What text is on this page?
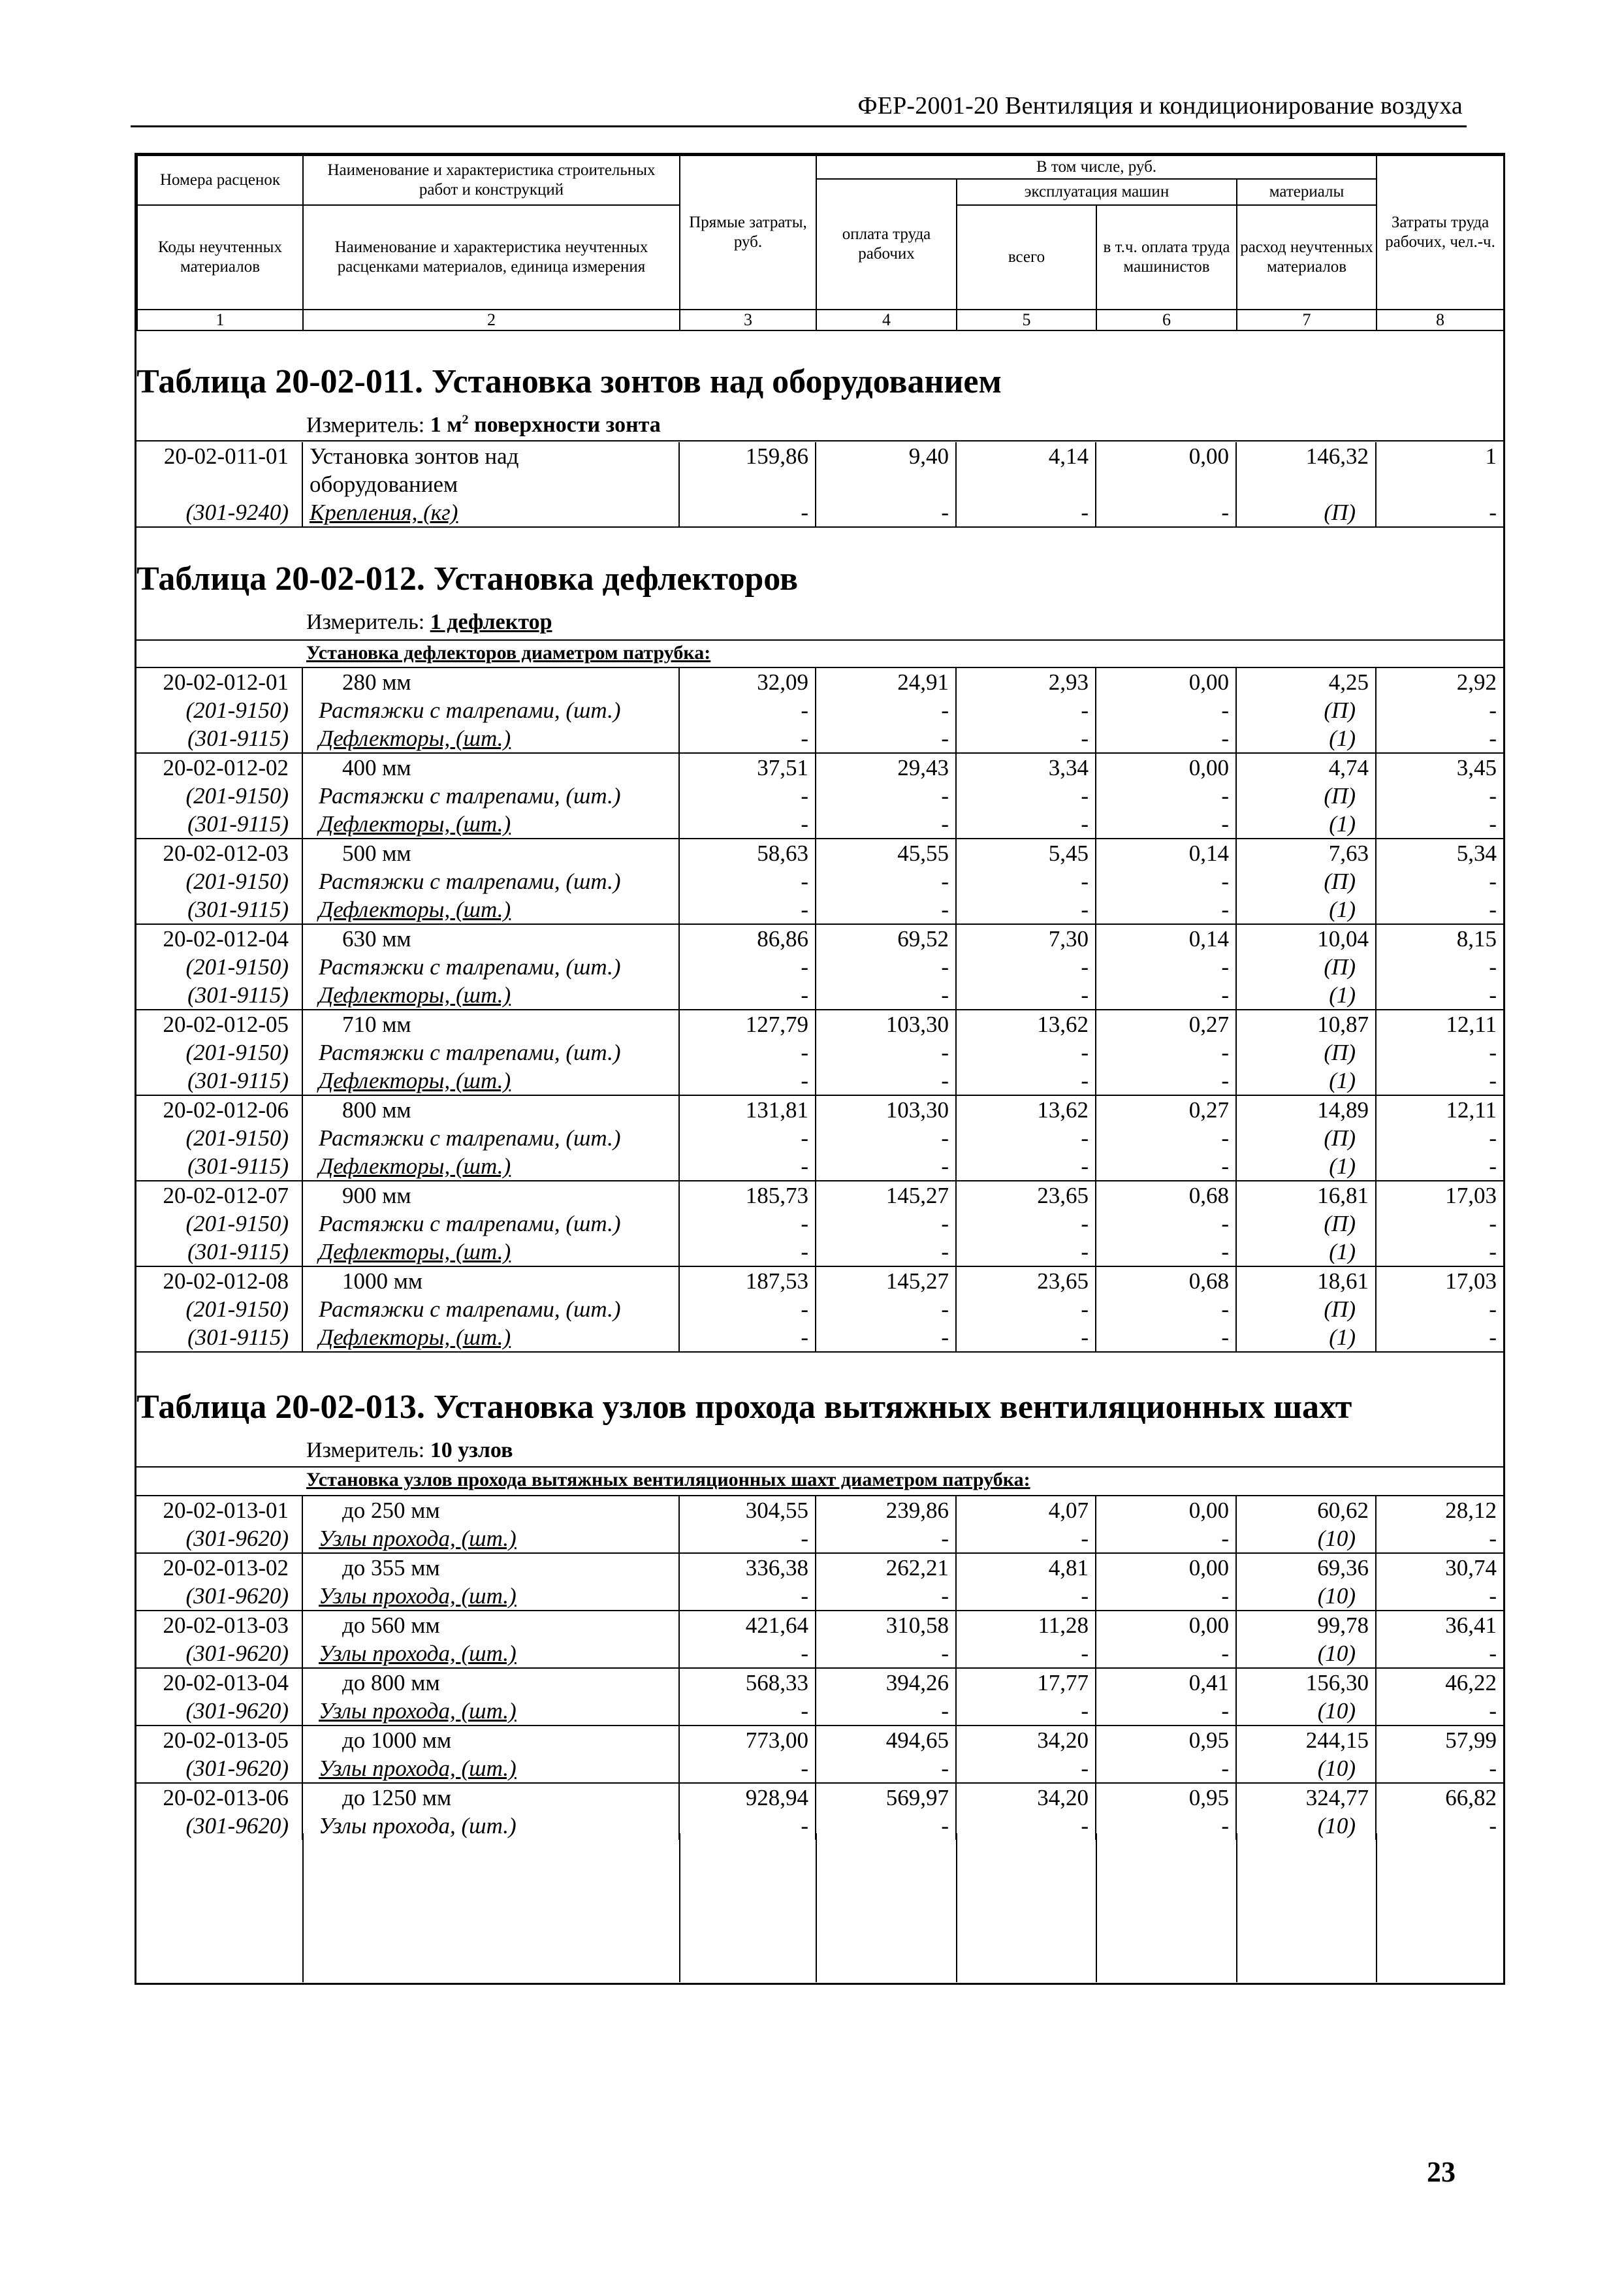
ФЕР-2001-20 Вентиляция и кондиционирование воздуха
Номера расценок	Наименование и характеристика строительных работ и конструкций	Прямые затраты, руб.	В том числе, руб.				Затраты труда рабочих, чел.-ч.
			оплата труда рабочих	эксплуатация машин		материалы	
Коды неучтенных материалов	Наименование и характеристика неучтенных расценками материалов, единица измерения			всего	в т.ч. оплата труда машинистов	расход неучтенных материалов	

1	2	3	4	5	6	7	8
Таблица 20-02-011. Установка зонтов над оборудованием
Измеритель: 1 $м^2$ поверхности зонта
20-02-011-01	Установка зонтов над	159,86	9,40	4,14	0,00	146,32	1
	оборудованием						
(301-9240)	Крепления, (кг)	-	-	-	-	(П)	-
Таблица 20-02-012. Установка дефлекторов
Измеритель: 1 дефлектор
Установка дефлекторов диаметром патрубка:
20-02-012-01	280 мм	32,09	24,91	2,93	0,00	4,25	2,92
(201-9150)	Растяжки с талрепами, (шт.)	-	-	-	-	(П)	-
(301-9115)	Дефлекторы, (шт.)	-	-	-	-	(1)	-
20-02-012-02	400 мм	37,51	29,43	3,34	0,00	4,74	3,45
(201-9150)	Растяжки с талрепами, (шт.)	-	-	-	-	(П)	-
(301-9115)	Дефлекторы, (шт.)	-	-	-	-	(1)	-
20-02-012-03	500 мм	58,63	45,55	5,45	0,14	7,63	5,34
(201-9150)	Растяжки с талрепами, (шт.)	-	-	-	-	(П)	-
(301-9115)	Дефлекторы, (шт.)	-	-	-	-	(1)	-
20-02-012-04	630 мм	86,86	69,52	7,30	0,14	10,04	8,15
(201-9150)	Растяжки с талрепами, (шт.)	-	-	-	-	(П)	-
(301-9115)	Дефлекторы, (шт.)	-	-	-	-	(1)	-
20-02-012-05	710 мм	127,79	103,30	13,62	0,27	10,87	12,11
(201-9150)	Растяжки с талрепами, (шт.)	-	-	-	-	(П)	-
(301-9115)	Дефлекторы, (шт.)	-	-	-	-	(1)	-
20-02-012-06	800 мм	131,81	103,30	13,62	0,27	14,89	12,11
(201-9150)	Растяжки с талрепами, (шт.)	-	-	-	-	(П)	-
(301-9115)	Дефлекторы, (шт.)	-	-	-	-	(1)	-
20-02-012-07	900 мм	185,73	145,27	23,65	0,68	16,81	17,03
(201-9150)	Растяжки с талрепами, (шт.)	-	-	-	-	(П)	-
(301-9115)	Дефлекторы, (шт.)	-	-	-	-	(1)	-
20-02-012-08	1000 мм	187,53	145,27	23,65	0,68	18,61	17,03
(201-9150)	Растяжки с талрепами, (шт.)	-	-	-	-	(П)	-
(301-9115)	Дефлекторы, (шт.)	-	-	-	-	(1)	-
Таблица 20-02-013. Установка узлов прохода вытяжных вентиляционных шахт
Измеритель: 10 узлов
Установка узлов прохода вытяжных вентиляционных шахт диаметром патрубка:
20-02-013-01	до 250 мм	304,55	239,86	4,07	0,00	60,62	28,12
(301-9620)	Узлы прохода, (шт.)	-	-	-	-	(10)	-
20-02-013-02	до 355 мм	336,38	262,21	4,81	0,00	69,36	30,74
(301-9620)	Узлы прохода, (шт.)	-	-	-	-	(10)	-
20-02-013-03	до 560 мм	421,64	310,58	11,28	0,00	99,78	36,41
(301-9620)	Узлы прохода, (шт.)	-	-	-	-	(10)	-
20-02-013-04	до 800 мм	568,33	394,26	17,77	0,41	156,30	46,22
(301-9620)	Узлы прохода, (шт.)	-	-	-	-	(10)	-
20-02-013-05	до 1000 мм	773,00	494,65	34,20	0,95	244,15	57,99
(301-9620)	Узлы прохода, (шт.)	-	-	-	-	(10)	-
20-02-013-06	до 1250 мм	928,94	569,97	34,20	0,95	324,77	66,82
(301-9620)	Узлы прохода, (шт.)	-	-	-	-	(10)	-
23
